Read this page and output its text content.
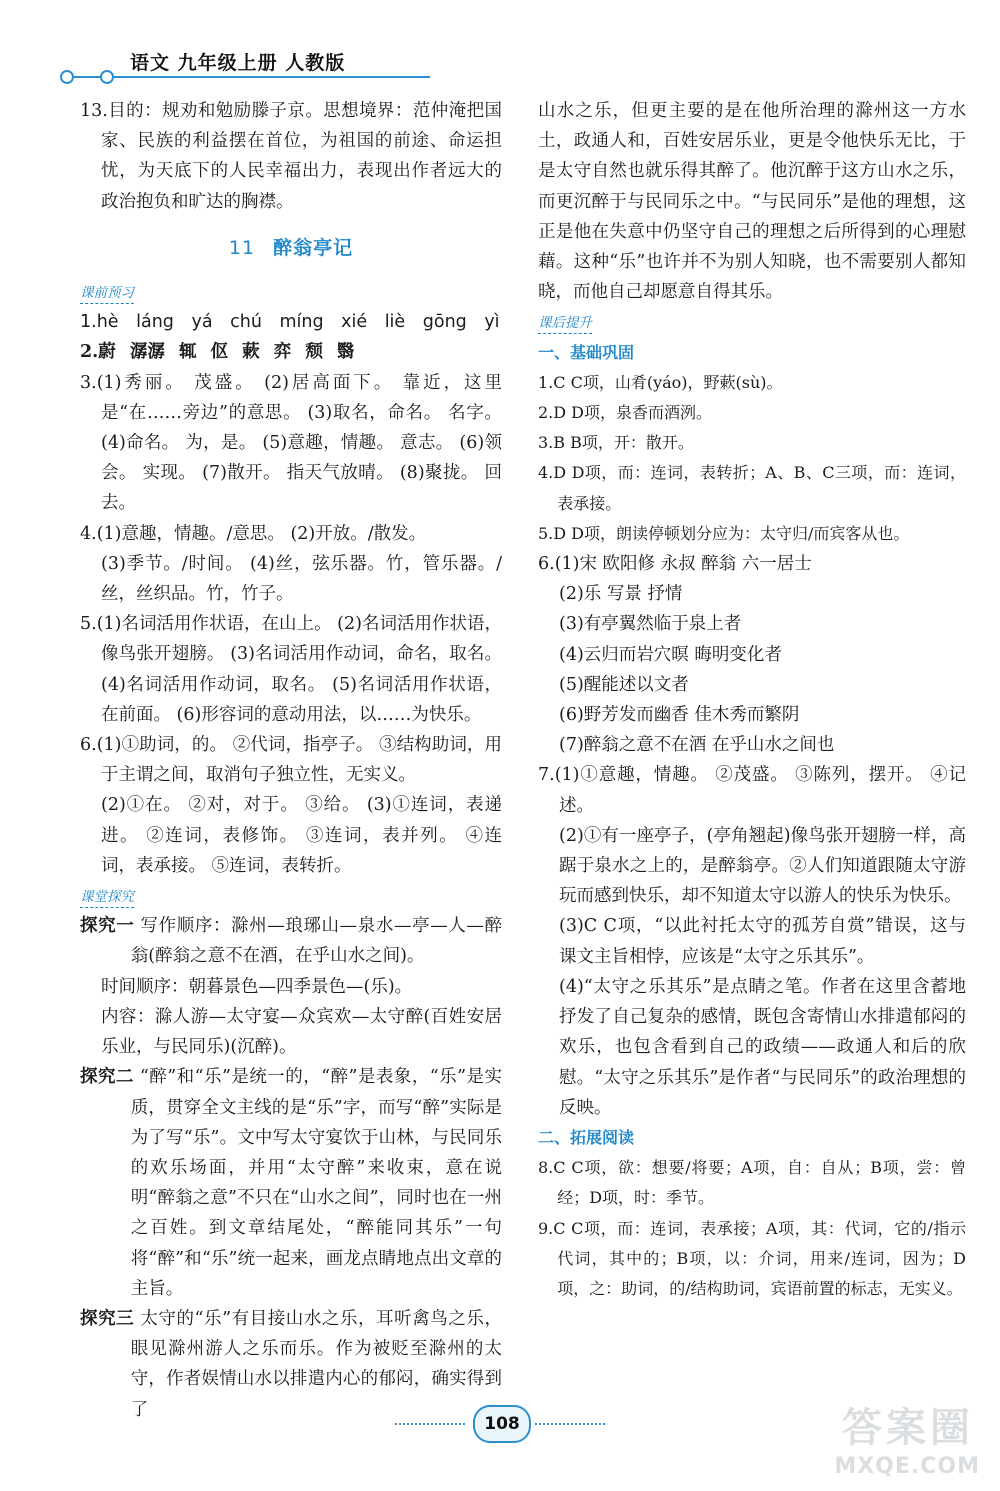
语文 九年级上册 人教版

13.目的：规劝和勉励滕子京。思想境界：范仲淹把国家、民族的利益摆在首位，为祖国的前途、命运担忧，为天底下的人民幸福出力，表现出作者远大的政治抱负和旷达的胸襟。

11 醉翁亭记
课前预习

1.hè láng yá chú míng xié liè gōng yì

2.蔚 潺潺 辄 伛 蔌 弈 颓 翳

3.(1)秀丽。 茂盛。 (2)居高面下。 靠近，这里是“在……旁边”的意思。 (3)取名，命名。 名字。 (4)命名。 为，是。 (5)意趣，情趣。 意志。 (6)领会。 实现。 (7)散开。 指天气放晴。 (8)聚拢。 回去。

4.(1)意趣，情趣。/意思。 (2)开放。/散发。

(3)季节。/时间。 (4)丝，弦乐器。竹，管乐器。/丝，丝织品。竹，竹子。

5.(1)名词活用作状语，在山上。 (2)名词活用作状语，像鸟张开翅膀。 (3)名词活用作动词，命名，取名。 (4)名词活用作动词，取名。 (5)名词活用作状语，在前面。 (6)形容词的意动用法，以……为快乐。

6.(1)①助词，的。 ②代词，指亭子。 ③结构助词，用于主谓之间，取消句子独立性，无实义。

(2)①在。 ②对，对于。 ③给。 (3)①连词，表递进。 ②连词，表修饰。 ③连词，表并列。 ④连词，表承接。 ⑤连词，表转折。

课堂探究

探究一 写作顺序：滁州—琅琊山—泉水—亭—人—醉翁(醉翁之意不在酒，在乎山水之间)。

时间顺序：朝暮景色—四季景色—(乐)。

内容：滁人游—太守宴—众宾欢—太守醉(百姓安居乐业，与民同乐)(沉醉)。

探究二 “醉”和“乐”是统一的，“醉”是表象，“乐”是实质，贯穿全文主线的是“乐”字，而写“醉”实际是为了写“乐”。文中写太守宴饮于山林，与民同乐的欢乐场面，并用“太守醉”来收束，意在说明“醉翁之意”不只在“山水之间”，同时也在一州之百姓。到文章结尾处，“醉能同其乐”一句将“醉”和“乐”统一起来，画龙点睛地点出文章的主旨。

探究三 太守的“乐”有目接山水之乐，耳听禽鸟之乐，眼见滁州游人之乐而乐。作为被贬至滁州的太守，作者娱情山水以排遣内心的郁闷，确实得到了

山水之乐，但更主要的是在他所治理的滁州这一方水土，政通人和，百姓安居乐业，更是令他快乐无比，于是太守自然也就乐得其醉了。他沉醉于这方山水之乐，而更沉醉于与民同乐之中。“与民同乐”是他的理想，这正是他在失意中仍坚守自己的理想之后所得到的心理慰藉。这种“乐”也许并不为别人知晓，也不需要别人都知晓，而他自己却愿意自得其乐。

课后提升
一、基础巩固

1.C C项，山肴(yáo)，野蔌(sù)。

2.D D项，泉香而酒洌。

3.B B项，开：散开。

4.D D项，而：连词，表转折；A、B、C三项，而：连词，表承接。

5.D D项，朗读停顿划分应为：太守归/而宾客从也。

6.(1)宋 欧阳修 永叔 醉翁 六一居士

(2)乐 写景 抒情

(3)有亭翼然临于泉上者

(4)云归而岩穴暝 晦明变化者

(5)醒能述以文者

(6)野芳发而幽香 佳木秀而繁阴

(7)醉翁之意不在酒 在乎山水之间也

7.(1)①意趣，情趣。 ②茂盛。 ③陈列，摆开。 ④记述。

(2)①有一座亭子，(亭角翘起)像鸟张开翅膀一样，高踞于泉水之上的，是醉翁亭。②人们知道跟随太守游玩而感到快乐，却不知道太守以游人的快乐为快乐。

(3)C C项，“以此衬托太守的孤芳自赏”错误，这与课文主旨相悖，应该是“太守之乐其乐”。

(4)“太守之乐其乐”是点睛之笔。作者在这里含蓄地抒发了自己复杂的感情，既包含寄情山水排遣郁闷的欢乐，也包含看到自己的政绩——政通人和后的欣慰。“太守之乐其乐”是作者“与民同乐”的政治理想的反映。

二、拓展阅读

8.C C项，欲：想要/将要；A项，自：自从；B项，尝：曾经；D项，时：季节。

9.C C项，而：连词，表承接；A项，其：代词，它的/指示代词，其中的；B项，以：介词，用来/连词，因为；D项，之：助词，的/结构助词，宾语前置的标志，无实义。

108	答案圈
MXQE.COM
